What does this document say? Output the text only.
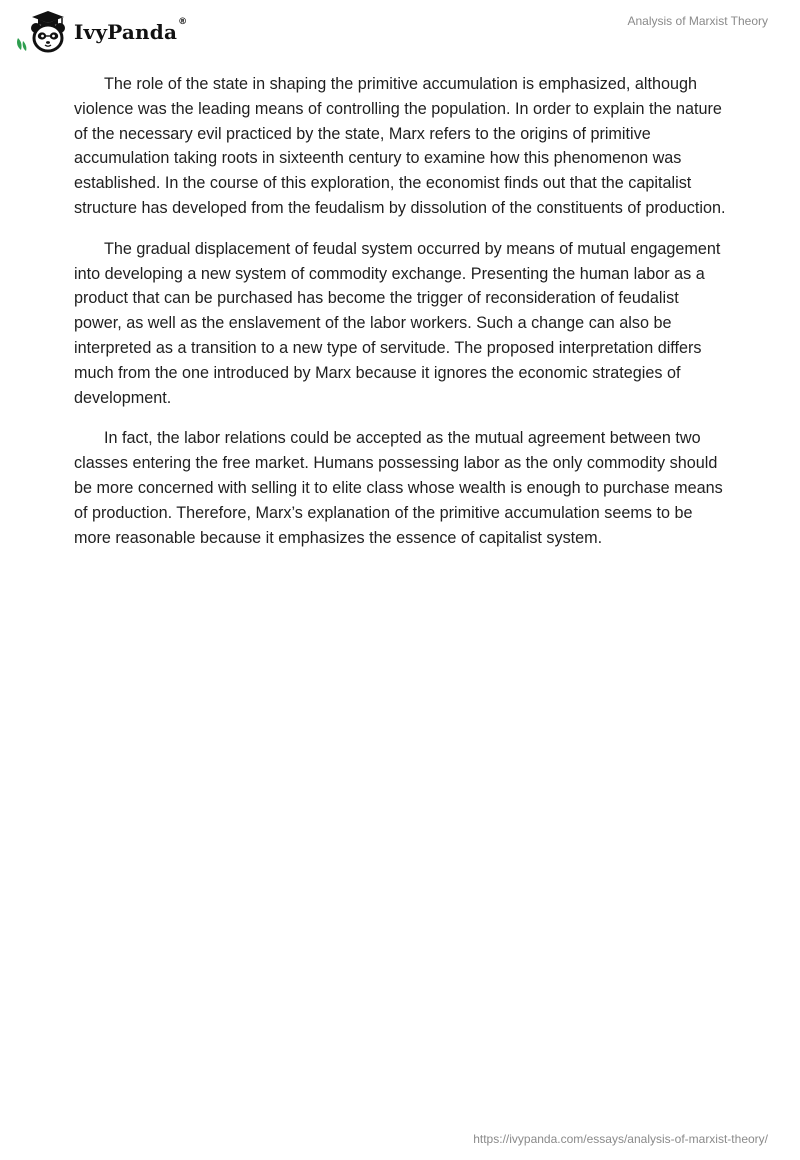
IvyPanda®	Analysis of Marxist Theory

The role of the state in shaping the primitive accumulation is emphasized, although violence was the leading means of controlling the population. In order to explain the nature of the necessary evil practiced by the state, Marx refers to the origins of primitive accumulation taking roots in sixteenth century to examine how this phenomenon was established. In the course of this exploration, the economist finds out that the capitalist structure has developed from the feudalism by dissolution of the constituents of production.

The gradual displacement of feudal system occurred by means of mutual engagement into developing a new system of commodity exchange. Presenting the human labor as a product that can be purchased has become the trigger of reconsideration of feudalist power, as well as the enslavement of the labor workers. Such a change can also be interpreted as a transition to a new type of servitude. The proposed interpretation differs much from the one introduced by Marx because it ignores the economic strategies of development.

In fact, the labor relations could be accepted as the mutual agreement between two classes entering the free market. Humans possessing labor as the only commodity should be more concerned with selling it to elite class whose wealth is enough to purchase means of production. Therefore, Marx’s explanation of the primitive accumulation seems to be more reasonable because it emphasizes the essence of capitalist system.

https://ivypanda.com/essays/analysis-of-marxist-theory/
